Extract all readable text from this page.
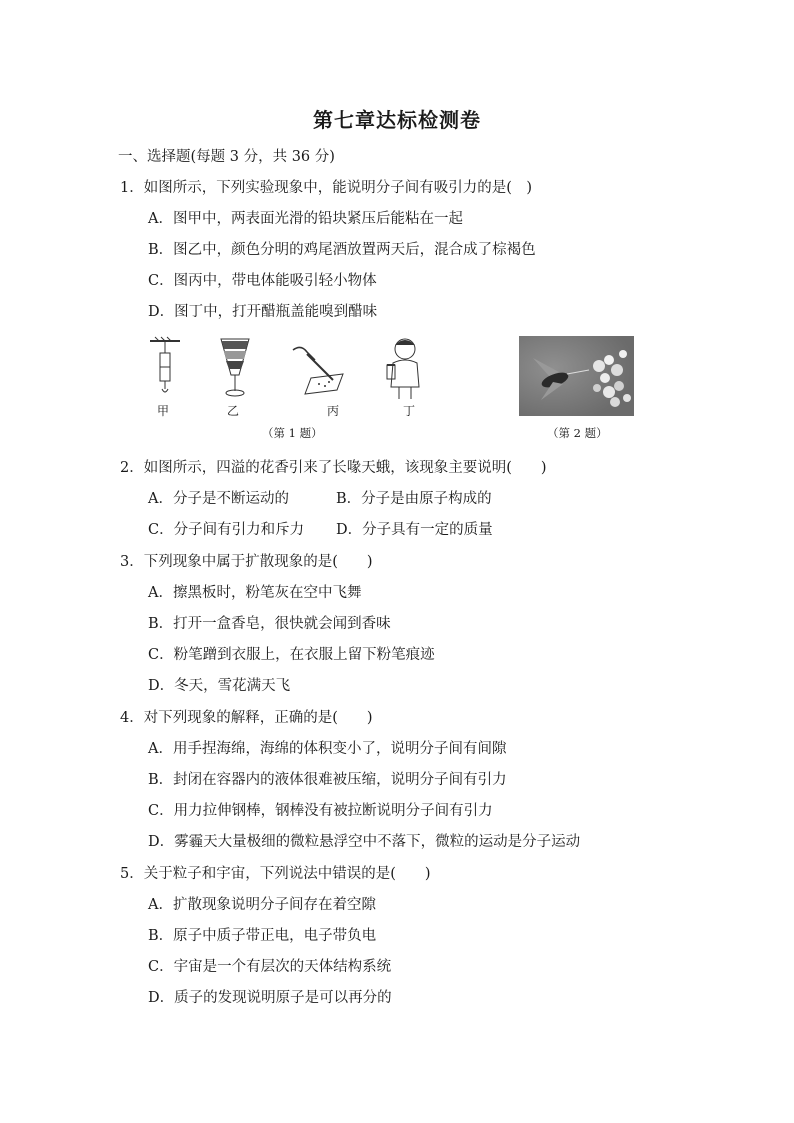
第七章达标检测卷
一、选择题(每题 3 分，共 36 分)
1．如图所示，下列实验现象中，能说明分子间有吸引力的是(　)
A．图甲中，两表面光滑的铅块紧压后能粘在一起
B．图乙中，颜色分明的鸡尾酒放置两天后，混合成了棕褐色
C．图丙中，带电体能吸引轻小物体
D．图丁中，打开醋瓶盖能嗅到醋味
甲	乙	丙	丁
（第 1 题）	（第 2 题）
2．如图所示，四溢的花香引来了长喙天蛾，该现象主要说明(　　)
A．分子是不断运动的	B．分子是由原子构成的
C．分子间有引力和斥力 D．分子具有一定的质量
3．下列现象中属于扩散现象的是(　　)
A．擦黑板时，粉笔灰在空中飞舞
B．打开一盒香皂，很快就会闻到香味
C．粉笔蹭到衣服上，在衣服上留下粉笔痕迹
D．冬天，雪花满天飞
4．对下列现象的解释，正确的是(　　)
A．用手捏海绵，海绵的体积变小了，说明分子间有间隙
B．封闭在容器内的液体很难被压缩，说明分子间有引力
C．用力拉伸钢棒，钢棒没有被拉断说明分子间有引力
D．雾霾天大量极细的微粒悬浮空中不落下，微粒的运动是分子运动
5．关于粒子和宇宙，下列说法中错误的是(　　)
A．扩散现象说明分子间存在着空隙
B．原子中质子带正电，电子带负电
C．宇宙是一个有层次的天体结构系统
D．质子的发现说明原子是可以再分的
